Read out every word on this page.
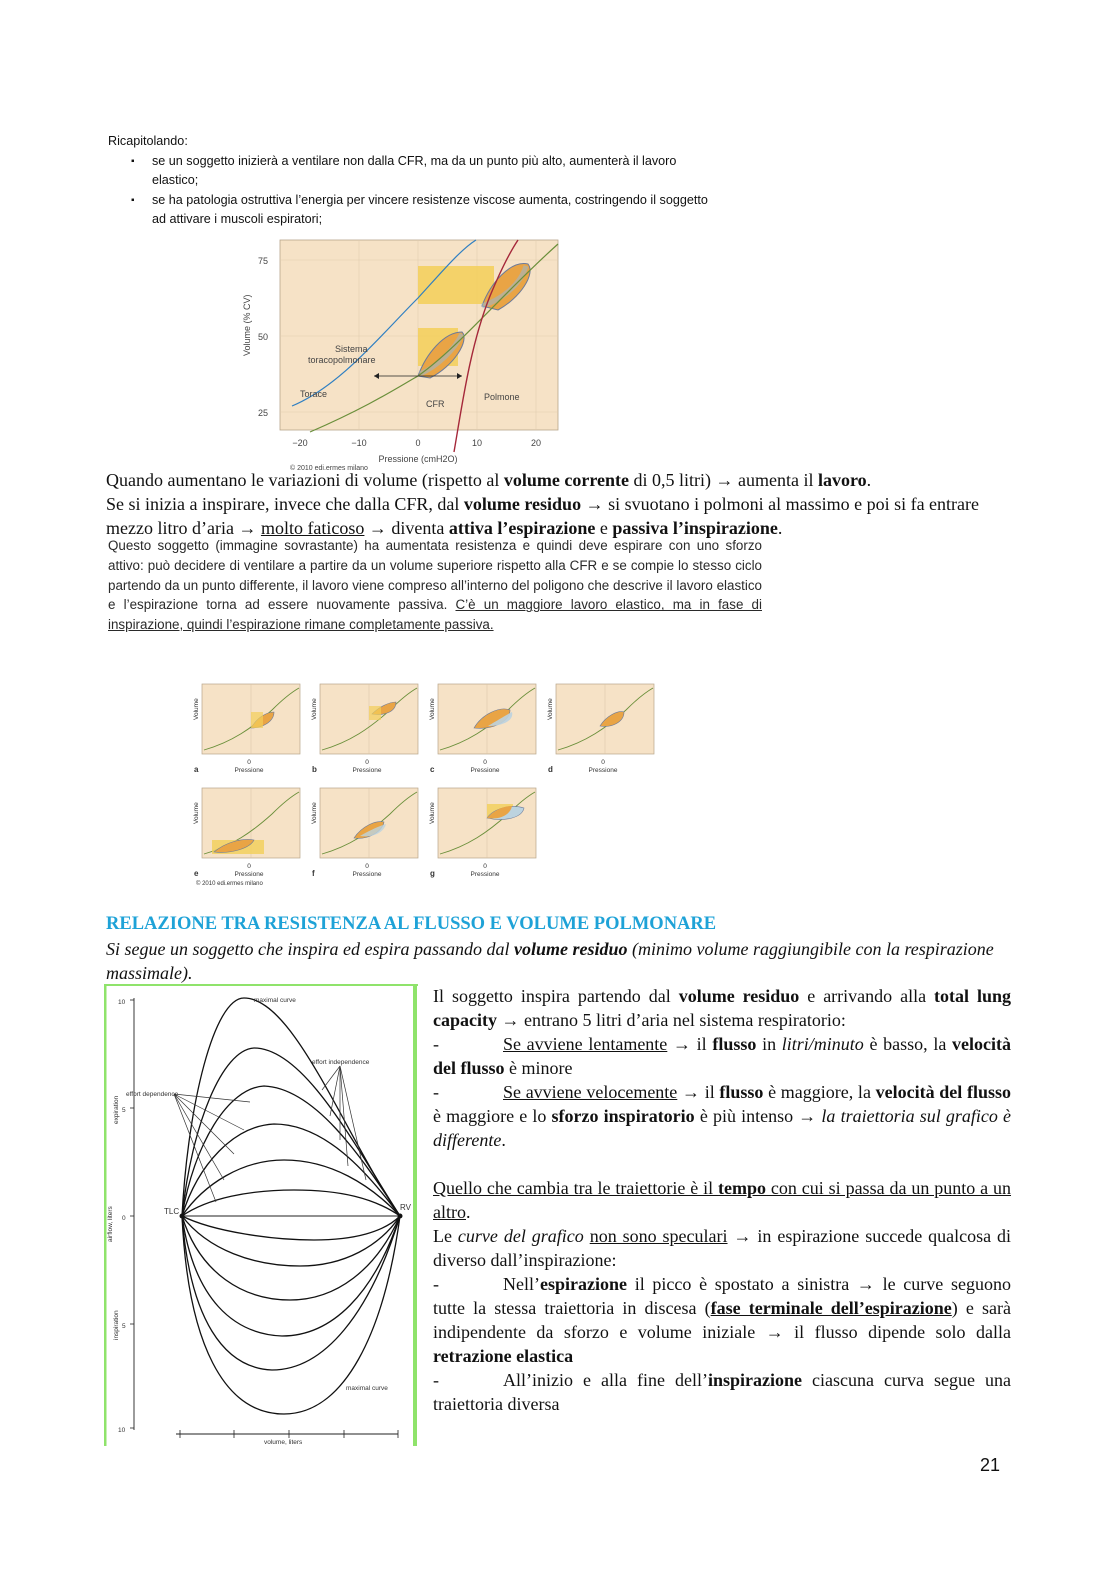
Ricapitolando:
▪ se un soggetto inizierà a ventilare non dalla CFR, ma da un punto più alto, aumenterà il lavoro elastico;
▪ se ha patologia ostruttiva l’energia per vincere resistenze viscose aumenta, costringendo il soggetto ad attivare i muscoli espiratori;
75
50
25
Volume (% CV)
−20	−10	0	10	20
Pressione (cmH2O)
Sistema
toracopolmonare
Torace
CFR
Polmone
© 2010 edi.ermes milano
Quando aumentano le variazioni di volume (rispetto al volume corrente di 0,5 litri) → aumenta il lavoro.
Se si inizia a inspirare, invece che dalla CFR, dal volume residuo → si svuotano i polmoni al massimo e poi si fa entrare mezzo litro d’aria → molto faticoso → diventa attiva l’espirazione e passiva l’inspirazione.
Questo soggetto (immagine sovrastante) ha aumentata resistenza e quindi deve espirare con uno sforzo attivo: può decidere di ventilare a partire da un volume superiore rispetto alla CFR e se compie lo stesso ciclo partendo da un punto differente, il lavoro viene compreso all’interno del poligono che descrive il lavoro elastico e l’espirazione torna ad essere nuovamente passiva. C’è un maggiore lavoro elastico, ma in fase di inspirazione, quindi l’espirazione rimane completamente passiva.
Volume	Volume	Volume	Volume
0	0	0	0
Pressione	Pressione	Pressione	Pressione
a	b	c	d
Volume	Volume	Volume
0	0	0
Pressione	Pressione	Pressione
e	f	g
© 2010 edi.ermes milano
RELAZIONE TRA RESISTENZA AL FLUSSO E VOLUME POLMONARE
Si segue un soggetto che inspira ed espira passando dal volume residuo (minimo volume raggiungibile con la respirazione massimale).
maximal curve
effort independence
effort dependence
maximal curve
TLC	RV
expiration
inspiration
airflow, liters
volume, liters
10
5
0
5
10
Il soggetto inspira partendo dal volume residuo e arrivando alla total lung capacity → entrano 5 litri d’aria nel sistema respiratorio:
-	Se avviene lentamente → il flusso in litri/minuto è basso, la velocità del flusso è minore
-	Se avviene velocemente → il flusso è maggiore, la velocità del flusso è maggiore e lo sforzo inspiratorio è più intenso → la traiettoria sul grafico è differente.
Quello che cambia tra le traiettorie è il tempo con cui si passa da un punto a un altro.
Le curve del grafico non sono speculari → in espirazione succede qualcosa di diverso dall’inspirazione:
-	Nell’espirazione il picco è spostato a sinistra → le curve seguono tutte la stessa traiettoria in discesa (fase terminale dell’espirazione) e sarà indipendente da sforzo e volume iniziale → il flusso dipende solo dalla retrazione elastica
-	All’inizio e alla fine dell’inspirazione ciascuna curva segue una traiettoria diversa
21
